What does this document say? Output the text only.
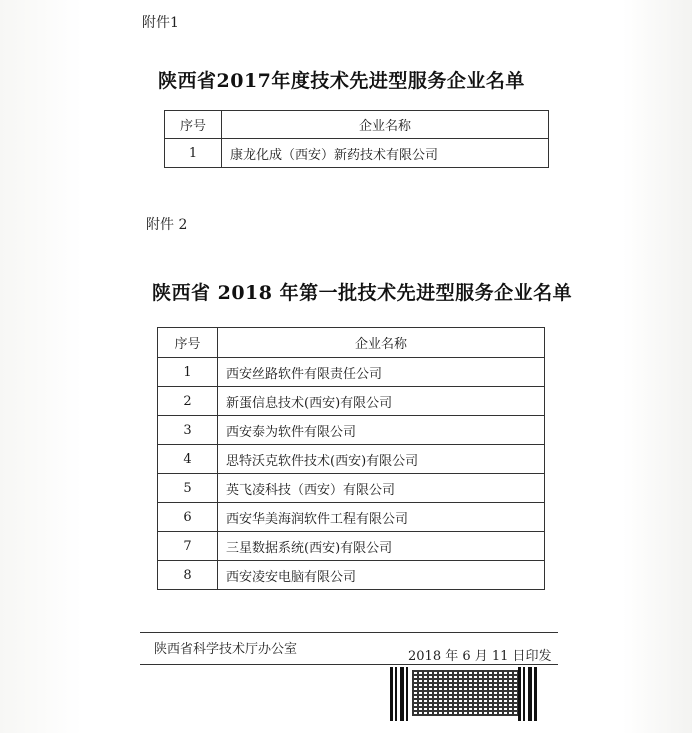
附件1
陕西省2017年度技术先进型服务企业名单
序号	企业名称
1	康龙化成（西安）新药技术有限公司
附件 2
陕西省 2018 年第一批技术先进型服务企业名单
序号	企业名称
1	西安丝路软件有限责任公司
2	新蛋信息技术(西安)有限公司
3	西安泰为软件有限公司
4	思特沃克软件技术(西安)有限公司
5	英飞凌科技（西安）有限公司
6	西安华美海润软件工程有限公司
7	三星数据系统(西安)有限公司
8	西安凌安电脑有限公司
陕西省科学技术厅办公室	2018 年 6 月 11 日印发
